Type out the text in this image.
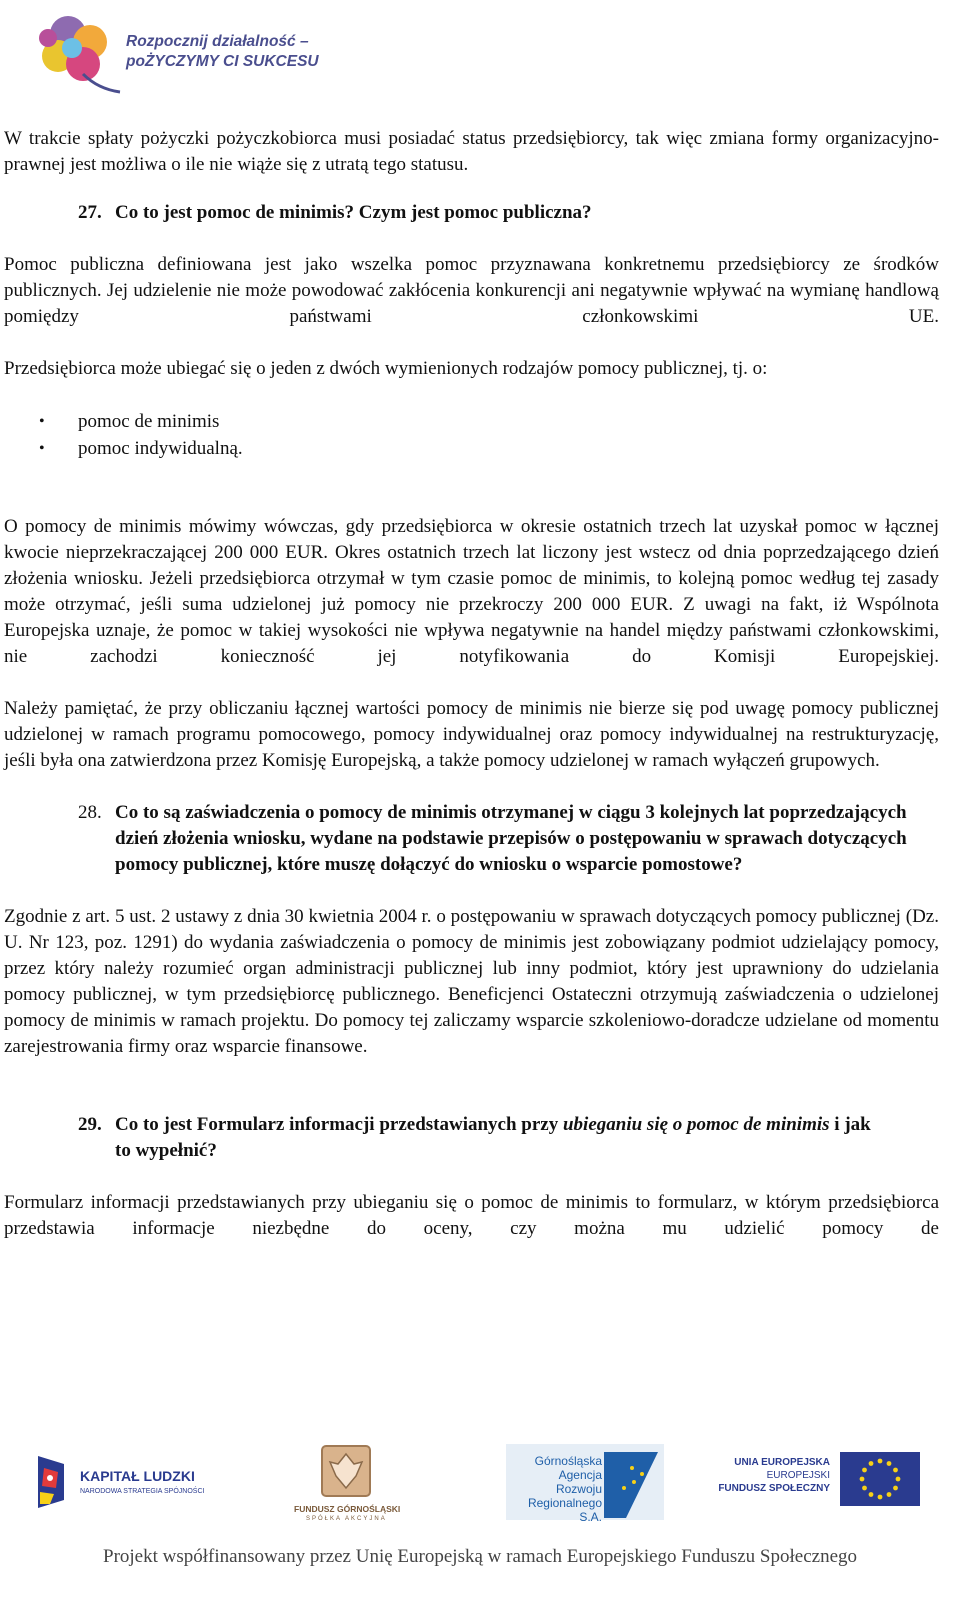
Rozpocznij działalność –
poŻYCZYMY CI SUKCESU

W trakcie spłaty pożyczki pożyczkobiorca musi posiadać status przedsiębiorcy, tak więc zmiana formy organizacyjno-prawnej jest możliwa o ile nie wiąże się z utratą tego statusu.

27. Co to jest pomoc de minimis? Czym jest pomoc publiczna?

Pomoc publiczna definiowana jest jako wszelka pomoc przyznawana konkretnemu przedsiębiorcy ze środków publicznych. Jej udzielenie nie może powodować zakłócenia konkurencji ani negatywnie wpływać na wymianę handlową pomiędzy państwami członkowskimi UE.

Przedsiębiorca może ubiegać się o jeden z dwóch wymienionych rodzajów pomocy publicznej, tj. o:

• pomoc de minimis
• pomoc indywidualną.

O pomocy de minimis mówimy wówczas, gdy przedsiębiorca w okresie ostatnich trzech lat uzyskał pomoc w łącznej kwocie nieprzekraczającej 200 000 EUR. Okres ostatnich trzech lat liczony jest wstecz od dnia poprzedzającego dzień złożenia wniosku. Jeżeli przedsiębiorca otrzymał w tym czasie pomoc de minimis, to kolejną pomoc według tej zasady może otrzymać, jeśli suma udzielonej już pomocy nie przekroczy 200 000 EUR. Z uwagi na fakt, iż Wspólnota Europejska uznaje, że pomoc w takiej wysokości nie wpływa negatywnie na handel między państwami członkowskimi, nie zachodzi konieczność jej notyfikowania do Komisji Europejskiej.

Należy pamiętać, że przy obliczaniu łącznej wartości pomocy de minimis nie bierze się pod uwagę pomocy publicznej udzielonej w ramach programu pomocowego, pomocy indywidualnej oraz pomocy indywidualnej na restrukturyzację, jeśli była ona zatwierdzona przez Komisję Europejską, a także pomocy udzielonej w ramach wyłączeń grupowych.

28. Co to są zaświadczenia o pomocy de minimis otrzymanej w ciągu 3 kolejnych lat poprzedzających dzień złożenia wniosku, wydane na podstawie przepisów o postępowaniu w sprawach dotyczących pomocy publicznej, które muszę dołączyć do wniosku o wsparcie pomostowe?

Zgodnie z art. 5 ust. 2 ustawy z dnia 30 kwietnia 2004 r. o postępowaniu w sprawach dotyczących pomocy publicznej (Dz. U. Nr 123, poz. 1291) do wydania zaświadczenia o pomocy de minimis jest zobowiązany podmiot udzielający pomocy, przez który należy rozumieć organ administracji publicznej lub inny podmiot, który jest uprawniony do udzielania pomocy publicznej, w tym przedsiębiorcę publicznego. Beneficjenci Ostateczni otrzymują zaświadczenia o udzielonej pomocy de minimis w ramach projektu. Do pomocy tej zaliczamy wsparcie szkoleniowo-doradcze udzielane od momentu zarejestrowania firmy oraz wsparcie finansowe.

29. Co to jest Formularz informacji przedstawianych przy ubieganiu się o pomoc de minimis i jak to wypełnić?

Formularz informacji przedstawianych przy ubieganiu się o pomoc de minimis to formularz, w którym przedsiębiorca przedstawia informacje niezbędne do oceny, czy można mu udzielić pomocy de

KAPITAŁ LUDZKI
NARODOWA STRATEGIA SPÓJNOŚCI
FUNDUSZ GÓRNOŚLĄSKI
SPÓŁKA AKCYJNA
Górnośląska
Agencja Rozwoju
Regionalnego S.A.
UNIA EUROPEJSKA
EUROPEJSKI
FUNDUSZ SPOŁECZNY
Projekt współfinansowany przez Unię Europejską w ramach Europejskiego Funduszu Społecznego
